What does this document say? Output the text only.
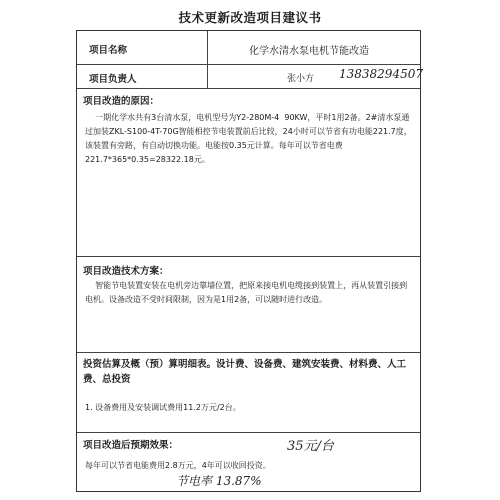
技术更新改造项目建议书
项目名称	化学水清水泵电机节能改造
项目负责人	张小方 13838294507
项目改造的原因：
一期化学水共有3台清水泵，电机型号为Y2-280M-4  90KW，平时1用2备。2#清水泵通过加装ZKL-S100-4T-70G智能相控节电装置前后比较，24小时可以节省有功电能221.7度，该装置有旁路，有自动切换功能。电能按0.35元计算。每年可以节省电费221.7*365*0.35=28322.18元。
项目改造技术方案：
智能节电装置安装在电机旁边靠墙位置，把原来接电机电缆接到装置上，再从装置引接到电机。设备改造不受时间限制，因为是1用2备，可以随时进行改造。
投资估算及概（预）算明细表。设计费、设备费、建筑安装费、材料费、人工费、总投资
1. 设备费用及安装调试费用11.2万元/2台。
项目改造后预期效果：	35元/台
每年可以节省电能费用2.8万元，4年可以收回投资。
节电率 13.87%
